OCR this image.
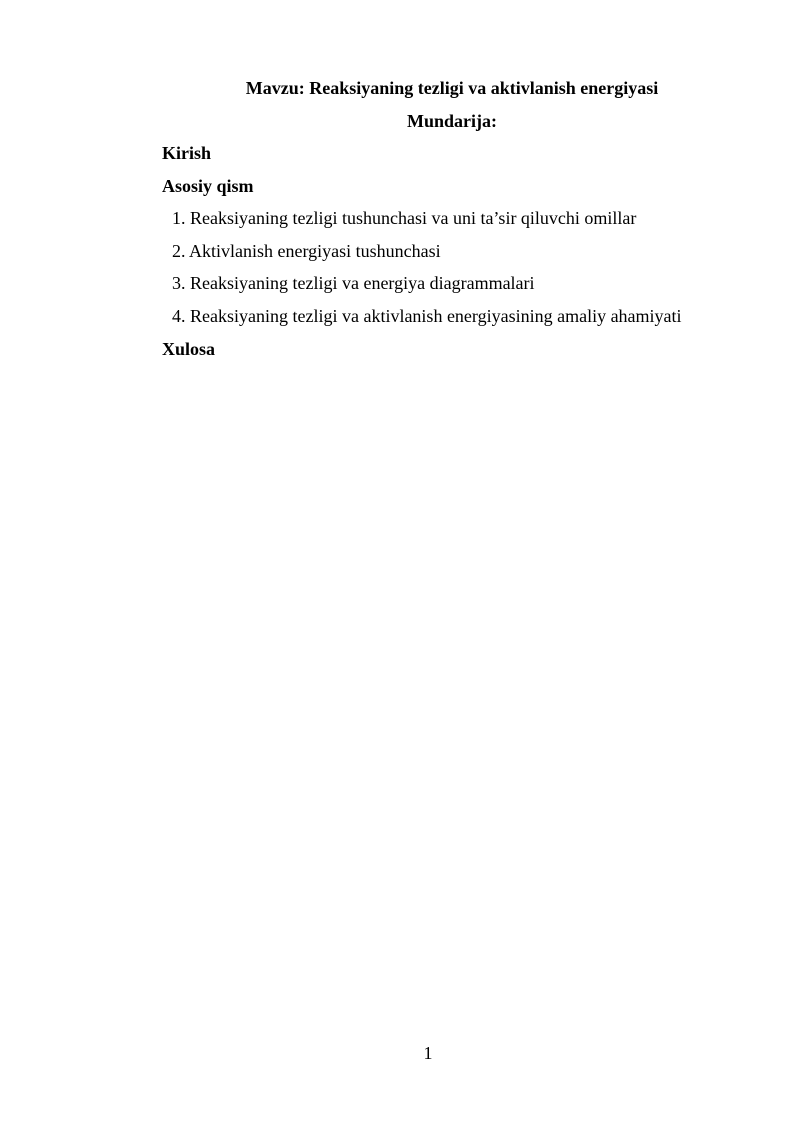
Mavzu: Reaksiyaning tezligi va aktivlanish energiyasi
Mundarija:
Kirish
Asosiy qism
1. Reaksiyaning tezligi tushunchasi va uni ta’sir qiluvchi omillar
2. Aktivlanish energiyasi tushunchasi
3. Reaksiyaning tezligi va energiya diagrammalari
4. Reaksiyaning tezligi va aktivlanish energiyasining amaliy ahamiyati
Xulosa
1
